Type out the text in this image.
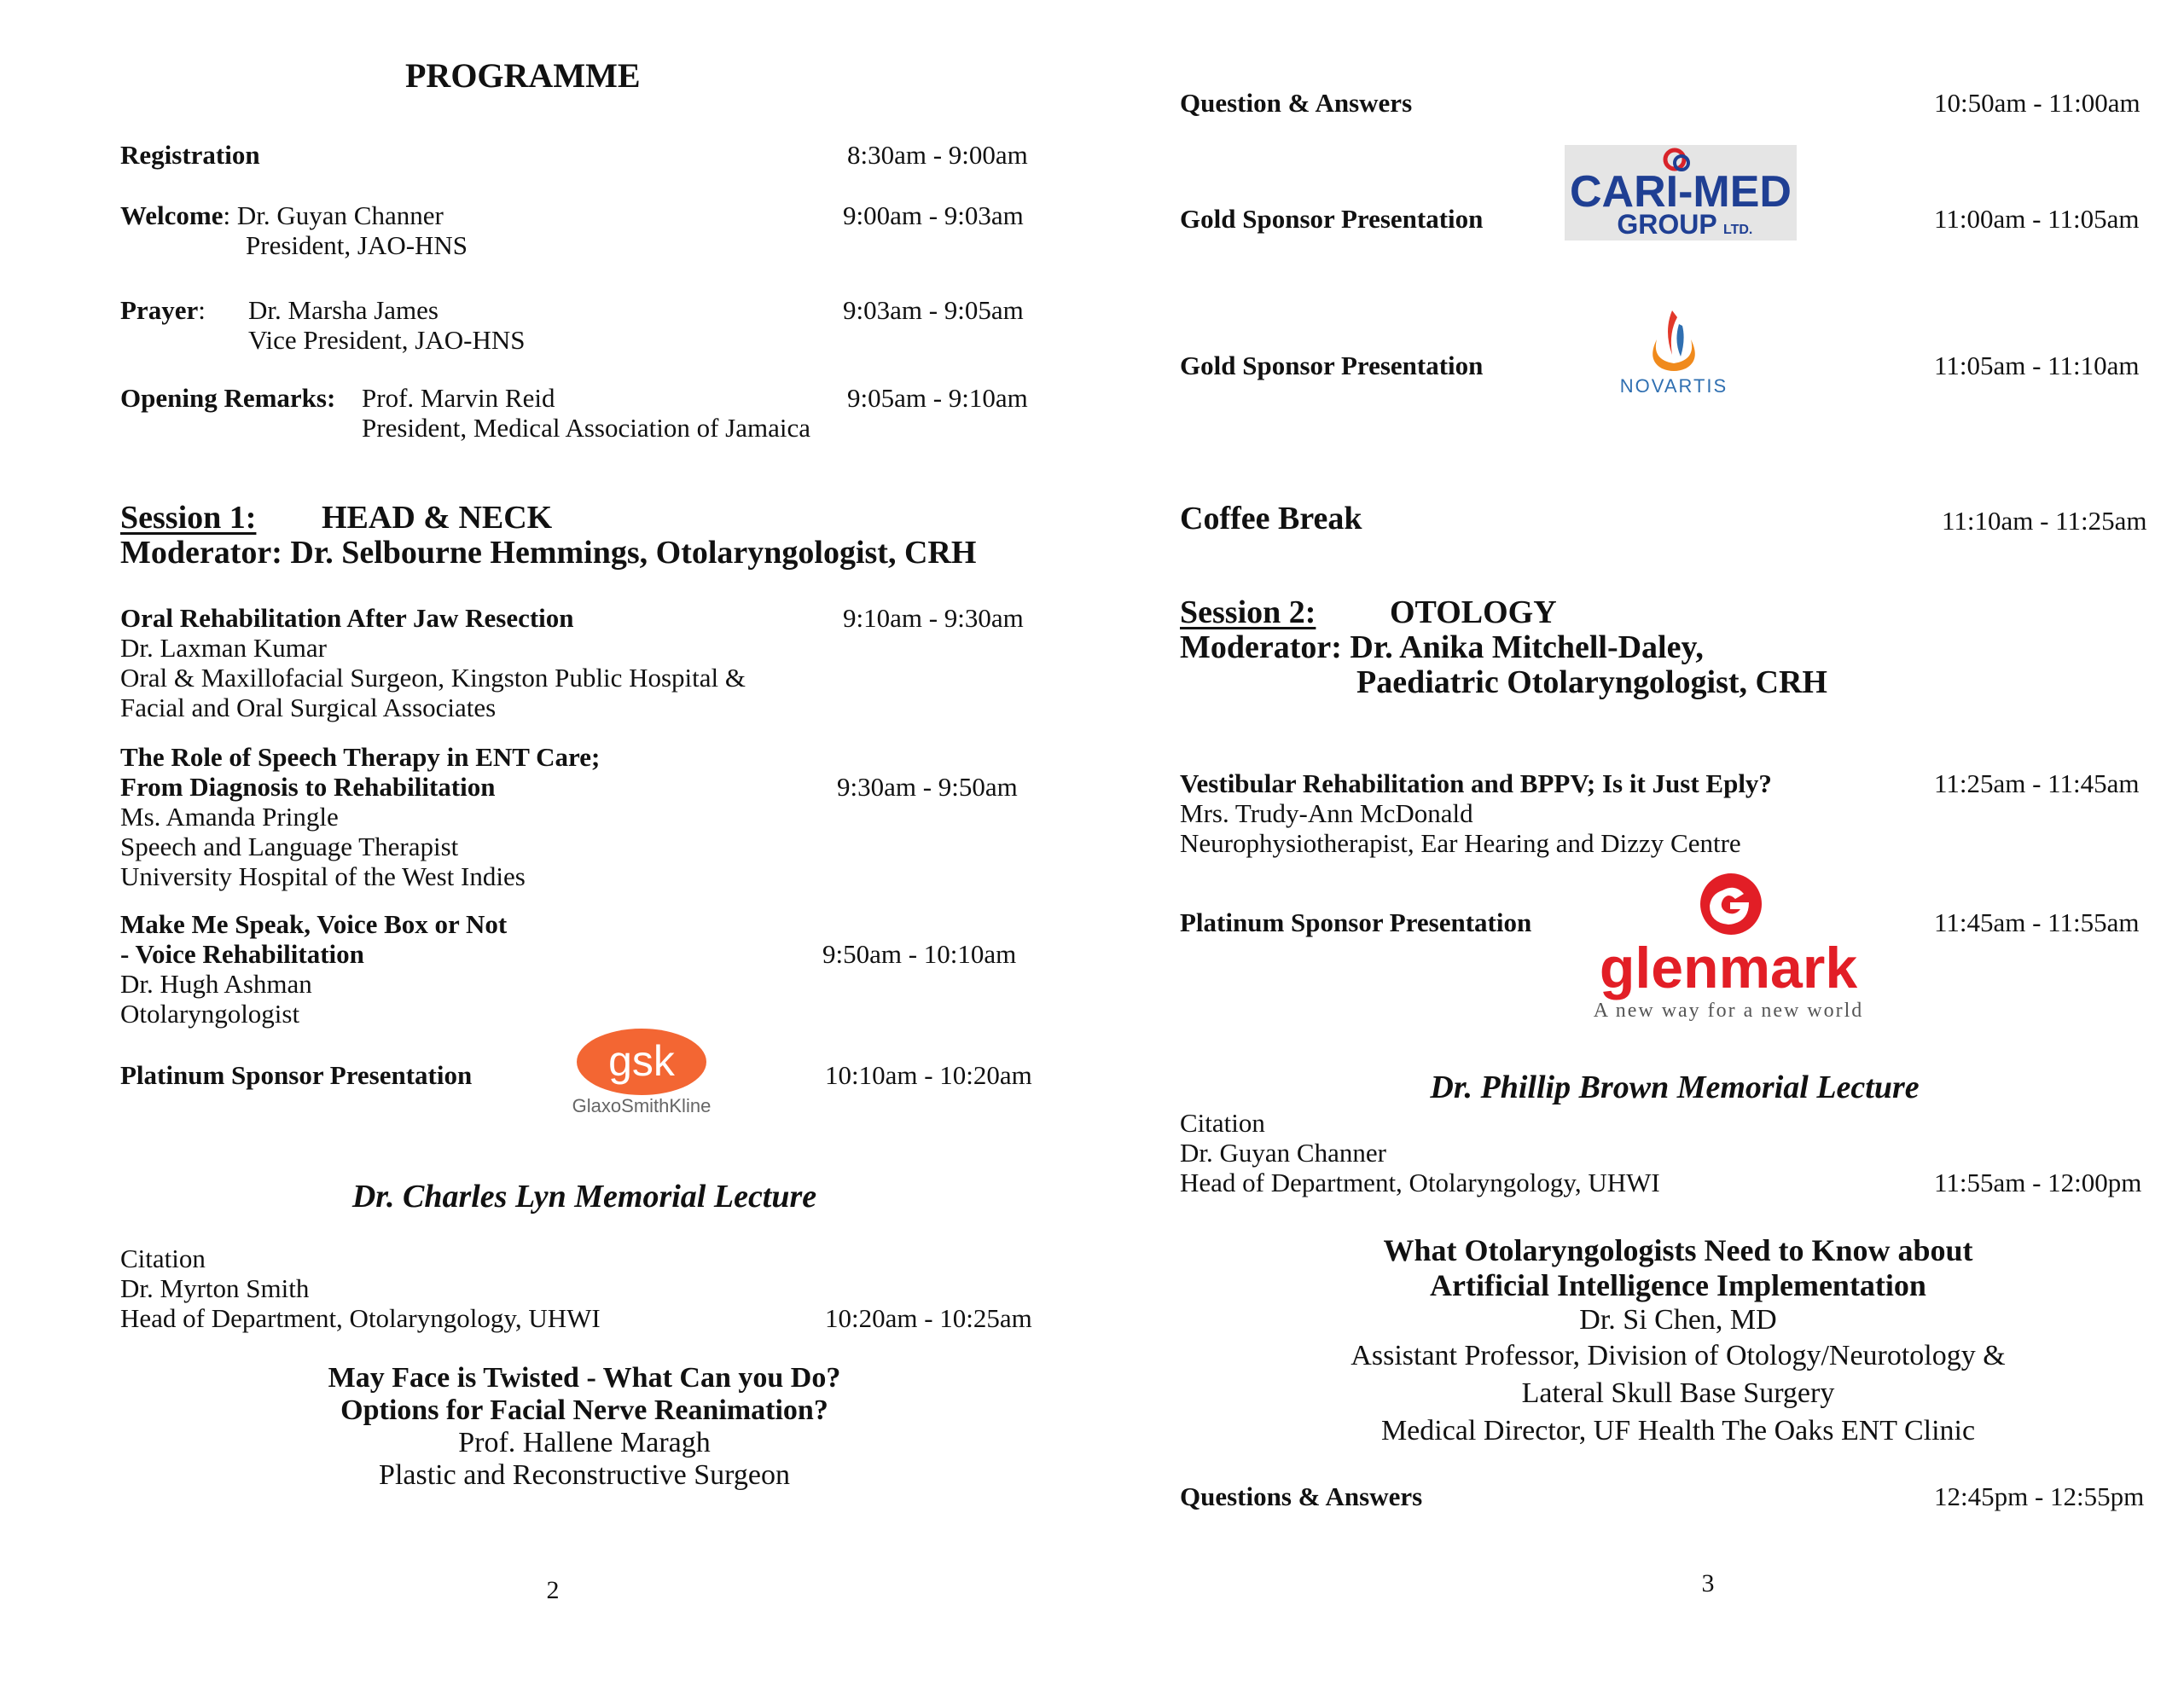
PROGRAMME
Registration	8:30am - 9:00am
Welcome: Dr. Guyan Channer
President, JAO-HNS
9:00am - 9:03am
Prayer: Dr. Marsha James
Vice President, JAO-HNS
9:03am - 9:05am
Opening Remarks: Prof. Marvin Reid
President, Medical Association of Jamaica
9:05am - 9:10am
Session 1: HEAD & NECK
Moderator: Dr. Selbourne Hemmings, Otolaryngologist, CRH
Oral Rehabilitation After Jaw Resection
Dr. Laxman Kumar
Oral & Maxillofacial Surgeon, Kingston Public Hospital &
Facial and Oral Surgical Associates
9:10am - 9:30am
The Role of Speech Therapy in ENT Care;
From Diagnosis to Rehabilitation
Ms. Amanda Pringle
Speech and Language Therapist
University Hospital of the West Indies
9:30am - 9:50am
Make Me Speak, Voice Box or Not
- Voice Rehabilitation
Dr. Hugh Ashman
Otolaryngologist
9:50am - 10:10am
Platinum Sponsor Presentation	gsk
GlaxoSmithKline
10:10am - 10:20am
Dr. Charles Lyn Memorial Lecture
Citation
Dr. Myrton Smith
Head of Department, Otolaryngology, UHWI	10:20am - 10:25am
May Face is Twisted - What Can you Do?
Options for Facial Nerve Reanimation?
Prof. Hallene Maragh
Plastic and Reconstructive Surgeon
2
Question & Answers	10:50am - 11:00am
Gold Sponsor Presentation
CARI-MED
GROUP LTD.	11:00am - 11:05am
Gold Sponsor Presentation
NOVARTIS
11:05am - 11:10am
Coffee Break	11:10am - 11:25am
Session 2: OTOLOGY
Moderator: Dr. Anika Mitchell-Daley,
Paediatric Otolaryngologist, CRH
Vestibular Rehabilitation and BPPV; Is it Just Eply?
Mrs. Trudy-Ann McDonald
Neurophysiotherapist, Ear Hearing and Dizzy Centre
11:25am - 11:45am
Platinum Sponsor Presentation
glenmark
A new way for a new world
11:45am - 11:55am
Dr. Phillip Brown Memorial Lecture
Citation
Dr. Guyan Channer
Head of Department, Otolaryngology, UHWI	11:55am - 12:00pm
What Otolaryngologists Need to Know about
Artificial Intelligence Implementation
Dr. Si Chen, MD
Assistant Professor, Division of Otology/Neurotology &
Lateral Skull Base Surgery
Medical Director, UF Health The Oaks ENT Clinic
Questions & Answers	12:45pm - 12:55pm
3
